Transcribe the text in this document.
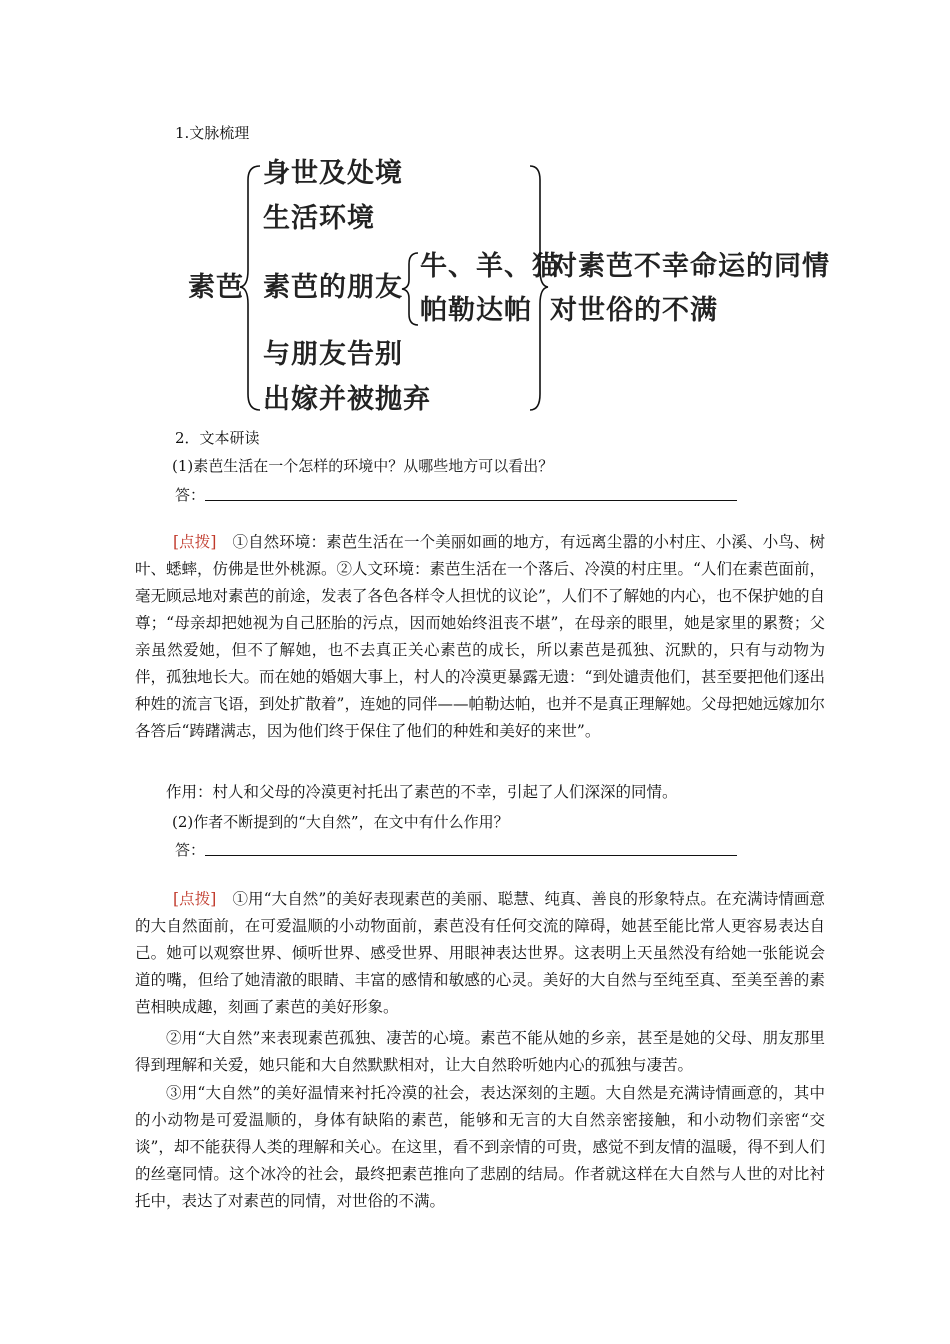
1.文脉梳理
素芭
身世及处境
生活环境
素芭的朋友
与朋友告别
出嫁并被抛弃
牛、羊、猫
帕勒达帕
对素芭不幸命运的同情
对世俗的不满
2．文本研读
(1)素芭生活在一个怎样的环境中？从哪些地方可以看出？
答：
[点拨] ①自然环境：素芭生活在一个美丽如画的地方，有远离尘嚣的小村庄、小溪、小鸟、树叶、蟋蟀，仿佛是世外桃源。②人文环境：素芭生活在一个落后、冷漠的村庄里。“人们在素芭面前，毫无顾忌地对素芭的前途，发表了各色各样令人担忧的议论”，人们不了解她的内心，也不保护她的自尊；“母亲却把她视为自己胚胎的污点，因而她始终沮丧不堪”，在母亲的眼里，她是家里的累赘；父亲虽然爱她，但不了解她，也不去真正关心素芭的成长，所以素芭是孤独、沉默的，只有与动物为伴，孤独地长大。而在她的婚姻大事上，村人的冷漠更暴露无遗：“到处谴责他们，甚至要把他们逐出种姓的流言飞语，到处扩散着”，连她的同伴——帕勒达帕，也并不是真正理解她。父母把她远嫁加尔各答后“踌躇满志，因为他们终于保住了他们的种姓和美好的来世”。
作用：村人和父母的冷漠更衬托出了素芭的不幸，引起了人们深深的同情。
(2)作者不断提到的“大自然”，在文中有什么作用？
答：
[点拨] ①用“大自然”的美好表现素芭的美丽、聪慧、纯真、善良的形象特点。在充满诗情画意的大自然面前，在可爱温顺的小动物面前，素芭没有任何交流的障碍，她甚至能比常人更容易表达自己。她可以观察世界、倾听世界、感受世界、用眼神表达世界。这表明上天虽然没有给她一张能说会道的嘴，但给了她清澈的眼睛、丰富的感情和敏感的心灵。美好的大自然与至纯至真、至美至善的素芭相映成趣，刻画了素芭的美好形象。
②用“大自然”来表现素芭孤独、凄苦的心境。素芭不能从她的乡亲，甚至是她的父母、朋友那里得到理解和关爱，她只能和大自然默默相对，让大自然聆听她内心的孤独与凄苦。
③用“大自然”的美好温情来衬托冷漠的社会，表达深刻的主题。大自然是充满诗情画意的，其中的小动物是可爱温顺的，身体有缺陷的素芭，能够和无言的大自然亲密接触，和小动物们亲密“交谈”，却不能获得人类的理解和关心。在这里，看不到亲情的可贵，感觉不到友情的温暖，得不到人们的丝毫同情。这个冰冷的社会，最终把素芭推向了悲剧的结局。作者就这样在大自然与人世的对比衬托中，表达了对素芭的同情，对世俗的不满。
